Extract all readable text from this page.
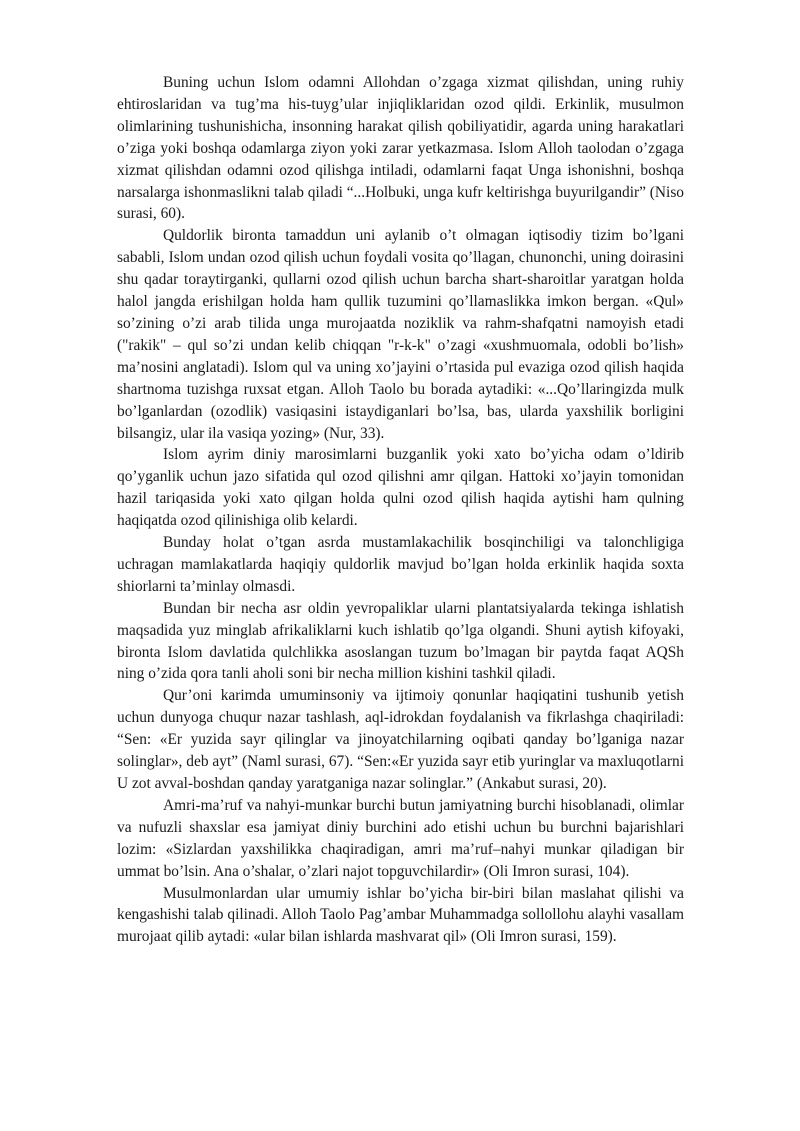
Buning uchun Islom odamni Allohdan o’zgaga xizmat qilishdan, uning ruhiy ehtiroslaridan va tug’ma his-tuyg’ular injiqliklaridan ozod qildi. Erkinlik, musulmon olimlarining tushunishicha, insonning harakat qilish qobiliyatidir, agarda uning harakatlari o’ziga yoki boshqa odamlarga ziyon yoki zarar yetkazmasa. Islom Alloh taolodan o’zgaga xizmat qilishdan odamni ozod qilishga intiladi, odamlarni faqat Unga ishonishni, boshqa narsalarga ishonmaslikni talab qiladi “...Holbuki, unga kufr keltirishga buyurilgandir” (Niso surasi, 60).

Quldorlik bironta tamaddun uni aylanib o’t olmagan iqtisodiy tizim bo’lgani sababli, Islom undan ozod qilish uchun foydali vosita qo’llagan, chunonchi, uning doirasini shu qadar toraytirganki, qullarni ozod qilish uchun barcha shart-sharoitlar yaratgan holda halol jangda erishilgan holda ham qullik tuzumini qo’llamaslikka imkon bergan. «Qul» so’zining o’zi arab tilida unga murojaatda noziklik va rahm-shafqatni namoyish etadi ("rakik" – qul so’zi undan kelib chiqqan "r-k-k" o’zagi «xushmuomala, odobli bo’lish» ma’nosini anglatadi). Islom qul va uning xo’jayini o’rtasida pul evaziga ozod qilish haqida shartnoma tuzishga ruxsat etgan. Alloh Taolo bu borada aytadiki: «...Qo’llaringizda mulk bo’lganlardan (ozodlik) vasiqasini istaydiganlari bo’lsa, bas, ularda yaxshilik borligini bilsangiz, ular ila vasiqa yozing» (Nur, 33).

Islom ayrim diniy marosimlarni buzganlik yoki xato bo’yicha odam o’ldirib qo’yganlik uchun jazo sifatida qul ozod qilishni amr qilgan. Hattoki xo’jayin tomonidan hazil tariqasida yoki xato qilgan holda qulni ozod qilish haqida aytishi ham qulning haqiqatda ozod qilinishiga olib kelardi.

Bunday holat o’tgan asrda mustamlakachilik bosqinchiligi va talonchligiga uchragan mamlakatlarda haqiqiy quldorlik mavjud bo’lgan holda erkinlik haqida soxta shiorlarni ta’minlay olmasdi.

Bundan bir necha asr oldin yevropaliklar ularni plantatsiyalarda tekinga ishlatish maqsadida yuz minglab afrikaliklarni kuch ishlatib qo’lga olgandi. Shuni aytish kifoyaki, bironta Islom davlatida qulchlikka asoslangan tuzum bo’lmagan bir paytda faqat AQSh ning o’zida qora tanli aholi soni bir necha million kishini tashkil qiladi.

Qur’oni karimda umuminsoniy va ijtimoiy qonunlar haqiqatini tushunib yetish uchun dunyoga chuqur nazar tashlash, aql-idrokdan foydalanish va fikrlashga chaqiriladi: “Sen: «Er yuzida sayr qilinglar va jinoyatchilarning oqibati qanday bo’lganiga nazar solinglar», deb ayt” (Naml surasi, 67). “Sen:«Er yuzida sayr etib yuringlar va maxluqotlarni U zot avval-boshdan qanday yaratganiga nazar solinglar.” (Ankabut surasi, 20).

Amri-ma’ruf va nahyi-munkar burchi butun jamiyatning burchi hisoblanadi, olimlar va nufuzli shaxslar esa jamiyat diniy burchini ado etishi uchun bu burchni bajarishlari lozim: «Sizlardan yaxshilikka chaqiradigan, amri ma’ruf–nahyi munkar qiladigan bir ummat bo’lsin. Ana o’shalar, o’zlari najot topguvchilardir» (Oli Imron surasi, 104).

Musulmonlardan ular umumiy ishlar bo’yicha bir-biri bilan maslahat qilishi va kengashishi talab qilinadi. Alloh Taolo Pag’ambar Muhammadga sollollohu alayhi vasallam murojaat qilib aytadi: «ular bilan ishlarda mashvarat qil» (Oli Imron surasi, 159).
